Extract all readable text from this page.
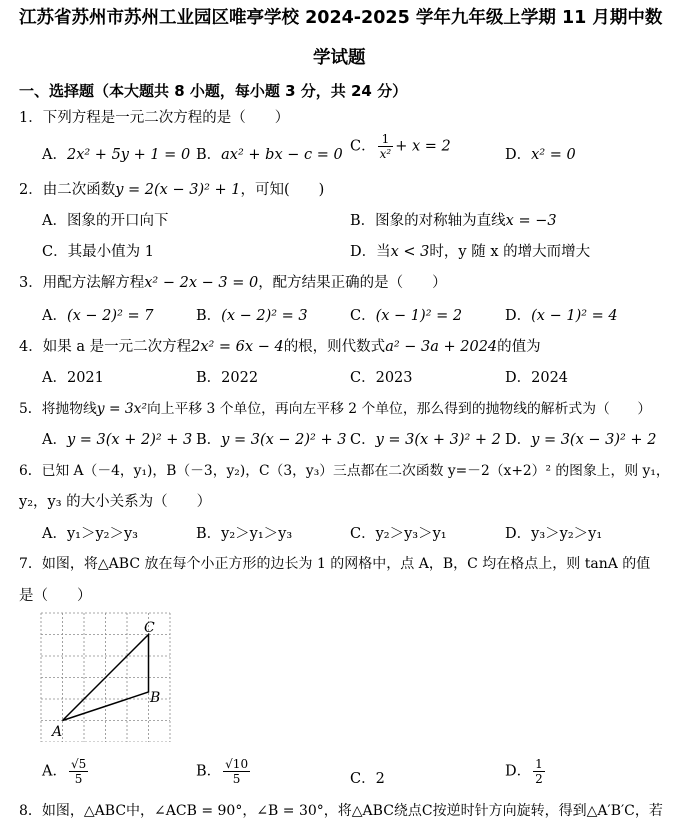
江苏省苏州市苏州工业园区唯亭学校 2024-2025 学年九年级上学期 11 月期中数
学试题
一、选择题（本大题共 8 小题，每小题 3 分，共 24 分）
1．下列方程是一元二次方程的是（　　）
A．2x² + 5y + 1 = 0 B．ax² + bx − c = 0
C． $\frac{1}{\text{x²}} + x = 2$
D．x² = 0
2．由二次函数y = 2(x − 3)² + 1，可知(　　)
A．图象的开口向下	B．图象的对称轴为直线x = −3
C．其最小值为 1	D．当x < 3时，y 随 x 的增大而增大
3．用配方法解方程x² − 2x − 3 = 0，配方结果正确的是（　　）
A．(x − 2)² = 7	B．(x − 2)² = 3	C．(x − 1)² = 2	D．(x − 1)² = 4
4．如果 a 是一元二次方程2x² = 6x − 4的根，则代数式a² − 3a + 2024的值为
A．2021	B．2022	C．2023	D．2024
5．将抛物线y = 3x²向上平移 3 个单位，再向左平移 2 个单位，那么得到的抛物线的解析式为（　　）
A．y = 3(x + 2)² + 3 B．y = 3(x − 2)² + 3 C．y = 3(x + 3)² + 2 D．y = 3(x − 3)² + 2
6．已知 A（－4，y₁)，B（－3，y₂)，C（3，y₃）三点都在二次函数 y=－2（x+2）² 的图象上，则 y₁，
y₂，y₃ 的大小关系为（　　）
A．y₁＞y₂＞y₃	B．y₂＞y₁＞y₃	C．y₂＞y₃＞y₁	D．y₃＞y₂＞y₁
7．如图，将△ABC 放在每个小正方形的边长为 1 的网格中，点 A，B，C 均在格点上，则 tanA 的值
是（　　）
A
B
C
A． $\frac{√5}{5}$	B． $\frac{√10}{5}$	C．2	D． $\frac{1}{2}$
8．如图，△ABC中，∠ACB = 90°，∠B = 30°，将△ABC绕点C按逆时针方向旋转，得到△A′B′C，若
